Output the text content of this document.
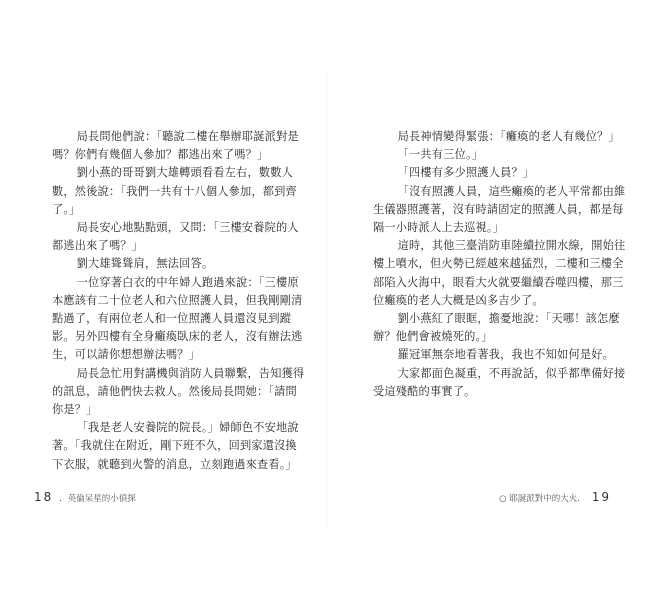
局長問他們說：「聽說二樓在舉辦耶誕派對是嗎？你們有幾個人參加？都逃出來了嗎？」

劉小燕的哥哥劉大雄轉頭看看左右，數數人數，然後說：「我們一共有十八個人參加，都到齊了。」

局長安心地點點頭，又問：「三樓安養院的人都逃出來了嗎？」

劉大雄聳聳肩，無法回答。

一位穿著白衣的中年婦人跑過來說：「三樓原本應該有二十位老人和六位照護人員，但我剛剛清點過了，有兩位老人和一位照護人員還沒見到蹤影。另外四樓有全身癱瘓臥床的老人，沒有辦法逃生，可以請你想想辦法嗎？」

局長急忙用對講機與消防人員聯繫，告知獲得的訊息，請他們快去救人。然後局長問她：「請問你是？」

「我是老人安養院的院長。」婦師色不安地說著。「我就住在附近，剛下班不久，回到家還沒換下衣服，就聽到火警的消息，立刻跑過來查看。」

18 ．英倫呆星的小偵探

局長神情變得緊張：「癱瘓的老人有幾位？」

「一共有三位。」

「四樓有多少照護人員？」

「沒有照護人員，這些癱瘓的老人平常都由維生儀器照護著，沒有時請固定的照護人員，都是每隔一小時派人上去巡視。」

這時，其他三臺消防車陸續拉開水線，開始往樓上噴水，但火勢已經越來越猛烈，二樓和三樓全部陷入火海中，眼看大火就要繼續吞噬四樓，那三位癱瘓的老人大概是凶多吉少了。

劉小燕紅了眼眶，擔憂地說：「天哪！該怎麼辦？他們會被燒死的。」

羅冠軍無奈地看著我，我也不知如何是好。

大家都面色凝重，不再說話，似乎都準備好接受這殘酷的事實了。

○ 耶誕派對中的大火． 19
